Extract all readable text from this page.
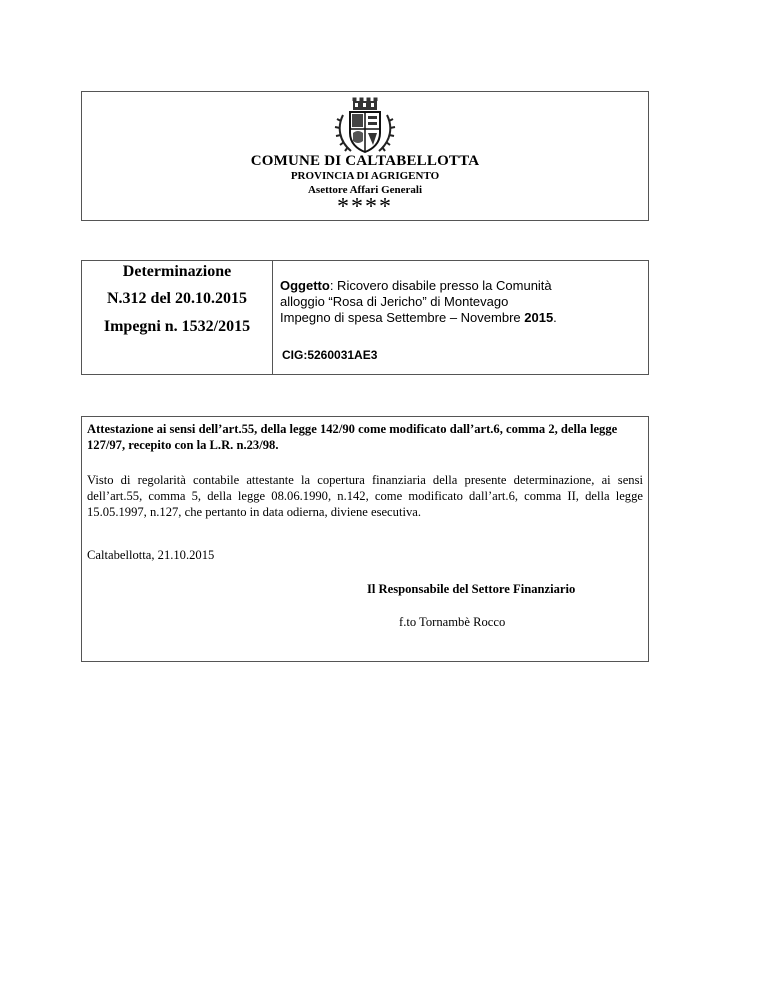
COMUNE DI CALTABELLOTTA
PROVINCIA DI AGRIGENTO
Asettore Affari Generali
****
Determinazione
N.312 del 20.10.2015
Impegni n. 1532/2015
Oggetto: Ricovero disabile presso la Comunità
alloggio “Rosa di Jericho” di Montevago
Impegno di spesa Settembre – Novembre 2015.
CIG:5260031AE3
Attestazione ai sensi dell’art.55, della legge 142/90 come modificato dall’art.6, comma 2, della legge 127/97, recepito con la L.R. n.23/98.
Visto di regolarità contabile attestante la copertura finanziaria della presente determinazione, ai sensi dell’art.55, comma 5, della legge 08.06.1990, n.142, come modificato dall’art.6, comma II, della legge 15.05.1997, n.127, che pertanto in data odierna, diviene esecutiva.
Caltabellotta, 21.10.2015
Il Responsabile del Settore Finanziario
f.to Tornambè Rocco
